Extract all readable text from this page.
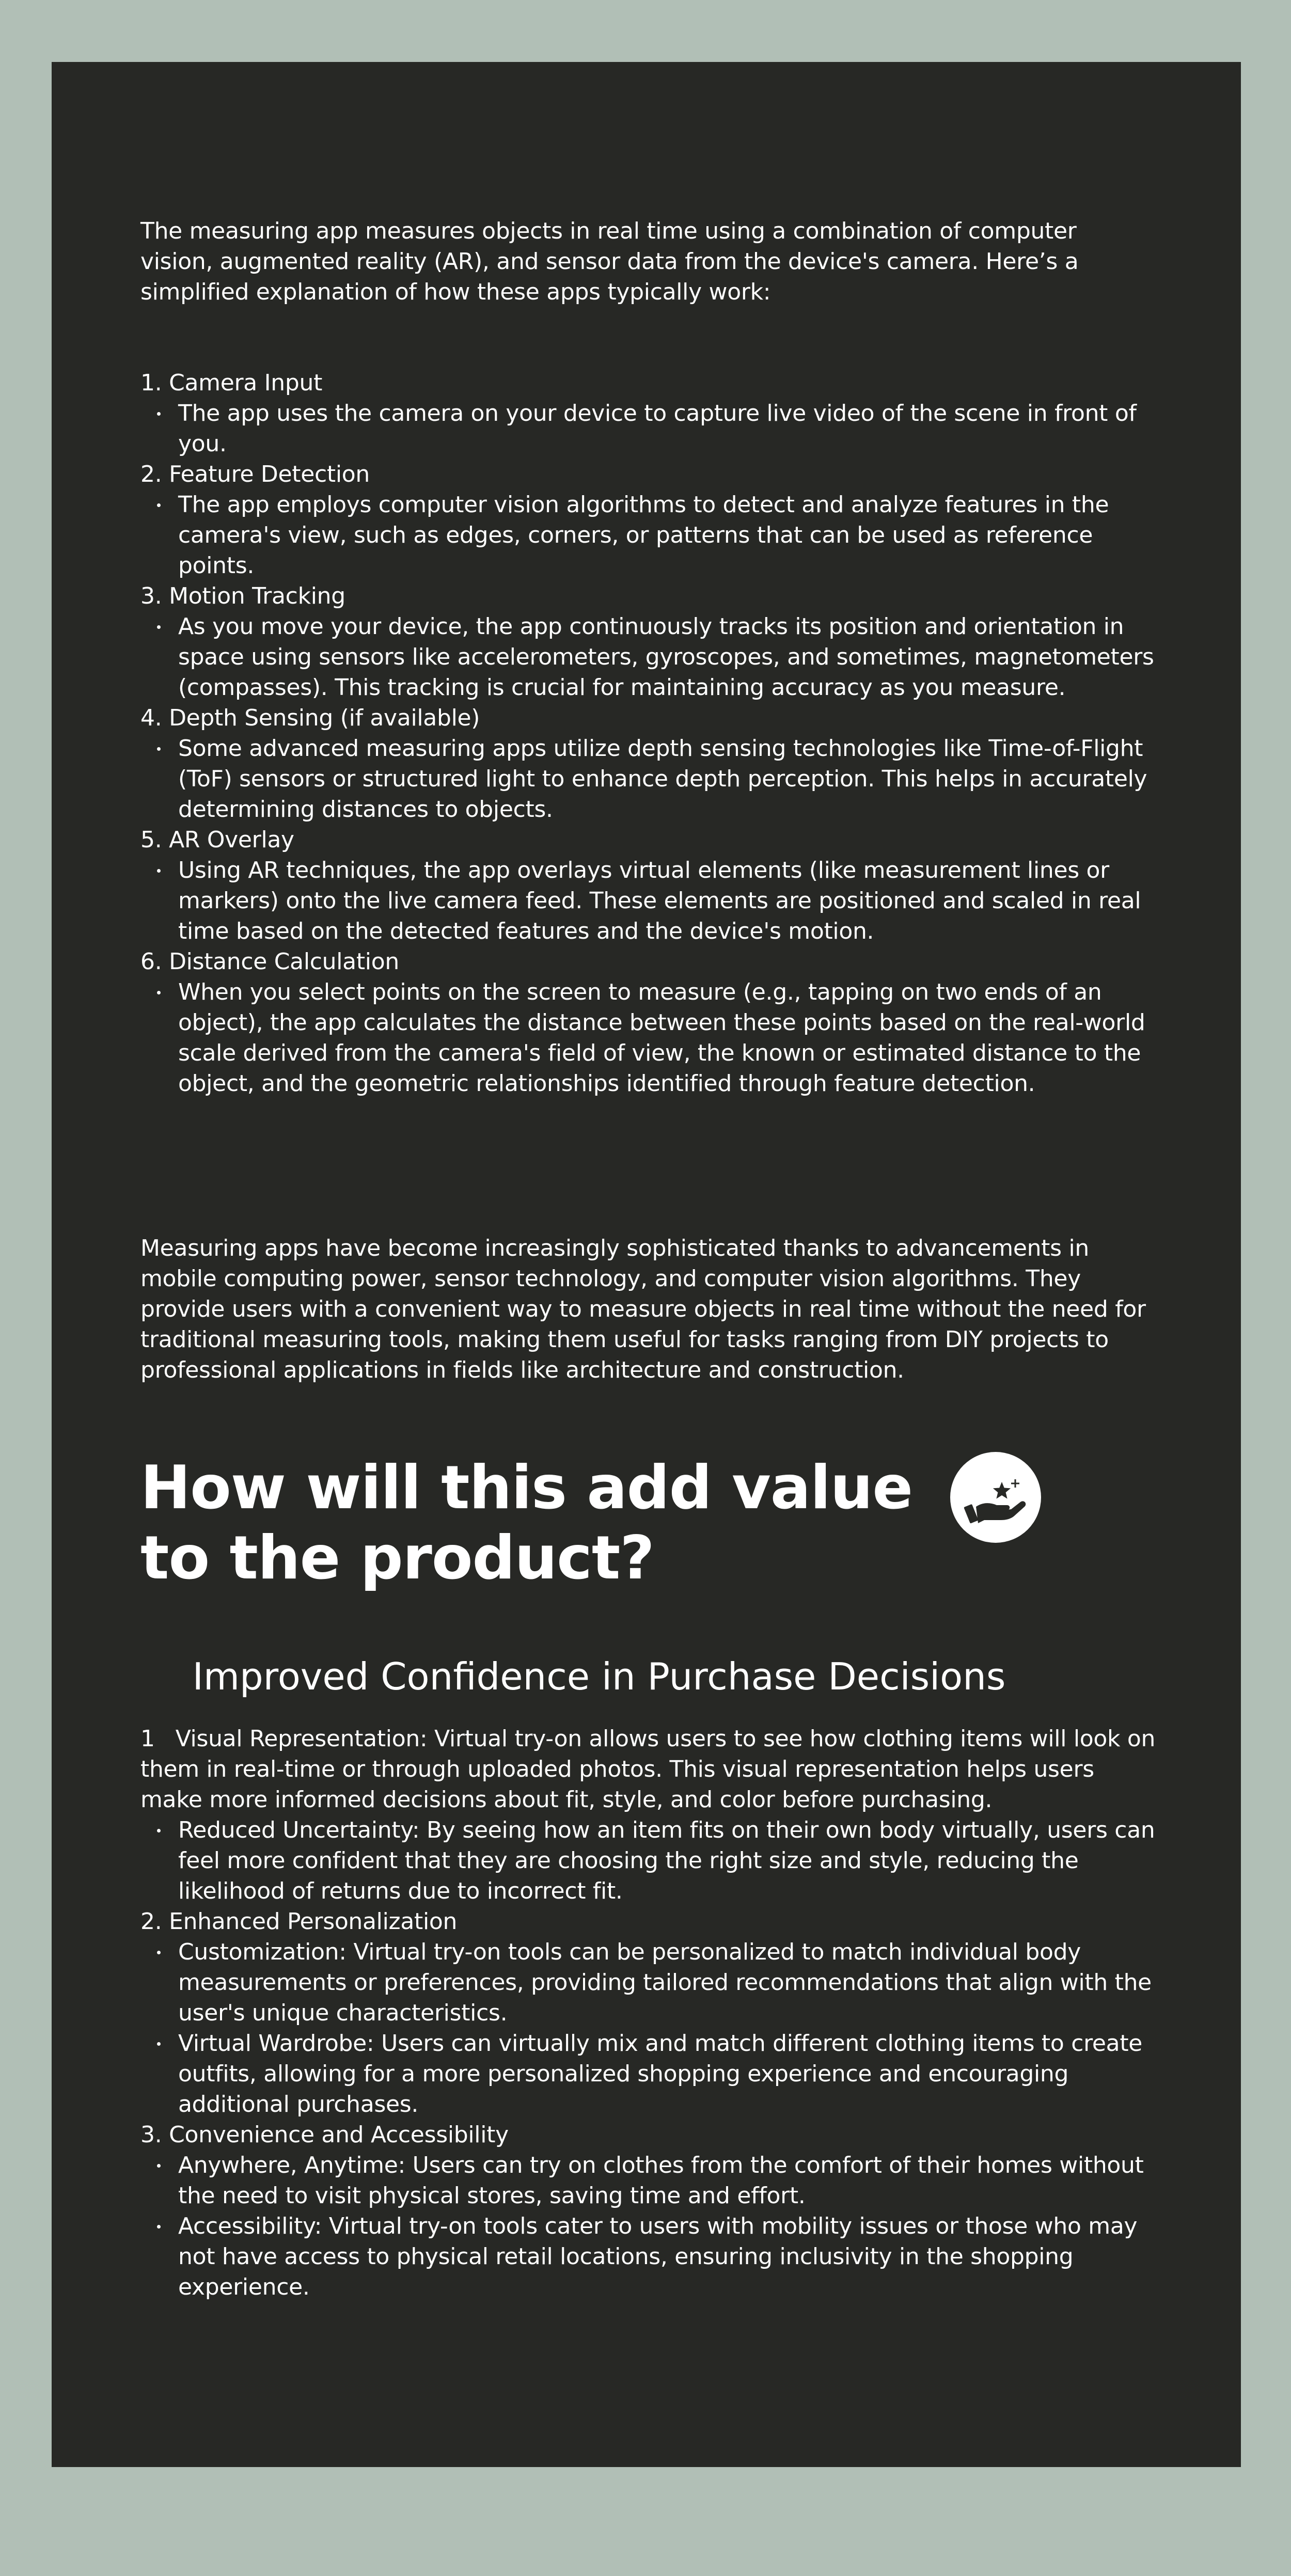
The measuring app measures objects in real time using a combination of computer vision, augmented reality (AR), and sensor data from the device's camera. Here’s a simplified explanation of how these apps typically work:

1. Camera Input

The app uses the camera on your device to capture live video of the scene in front of you.

2. Feature Detection

The app employs computer vision algorithms to detect and analyze features in the camera's view, such as edges, corners, or patterns that can be used as reference points.

3. Motion Tracking

As you move your device, the app continuously tracks its position and orientation in space using sensors like accelerometers, gyroscopes, and sometimes, magnetometers (compasses). This tracking is crucial for maintaining accuracy as you measure.

4. Depth Sensing (if available)

Some advanced measuring apps utilize depth sensing technologies like Time-of-Flight (ToF) sensors or structured light to enhance depth perception. This helps in accurately determining distances to objects.

5. AR Overlay

Using AR techniques, the app overlays virtual elements (like measurement lines or markers) onto the live camera feed. These elements are positioned and scaled in real time based on the detected features and the device's motion.

6. Distance Calculation

When you select points on the screen to measure (e.g., tapping on two ends of an object), the app calculates the distance between these points based on the real-world scale derived from the camera's field of view, the known or estimated distance to the object, and the geometric relationships identified through feature detection.

Measuring apps have become increasingly sophisticated thanks to advancements in mobile computing power, sensor technology, and computer vision algorithms. They provide users with a convenient way to measure objects in real time without the need for traditional measuring tools, making them useful for tasks ranging from DIY projects to professional applications in fields like architecture and construction.

How will this add value to the product?
Improved Confidence in Purchase Decisions

1 Visual Representation: Virtual try-on allows users to see how clothing items will look on them in real-time or through uploaded photos. This visual representation helps users make more informed decisions about fit, style, and color before purchasing.

Reduced Uncertainty: By seeing how an item fits on their own body virtually, users can feel more confident that they are choosing the right size and style, reducing the likelihood of returns due to incorrect fit.

2. Enhanced Personalization

Customization: Virtual try-on tools can be personalized to match individual body measurements or preferences, providing tailored recommendations that align with the user's unique characteristics.
Virtual Wardrobe: Users can virtually mix and match different clothing items to create outfits, allowing for a more personalized shopping experience and encouraging additional purchases.

3. Convenience and Accessibility

Anywhere, Anytime: Users can try on clothes from the comfort of their homes without the need to visit physical stores, saving time and effort.
Accessibility: Virtual try-on tools cater to users with mobility issues or those who may not have access to physical retail locations, ensuring inclusivity in the shopping experience.
